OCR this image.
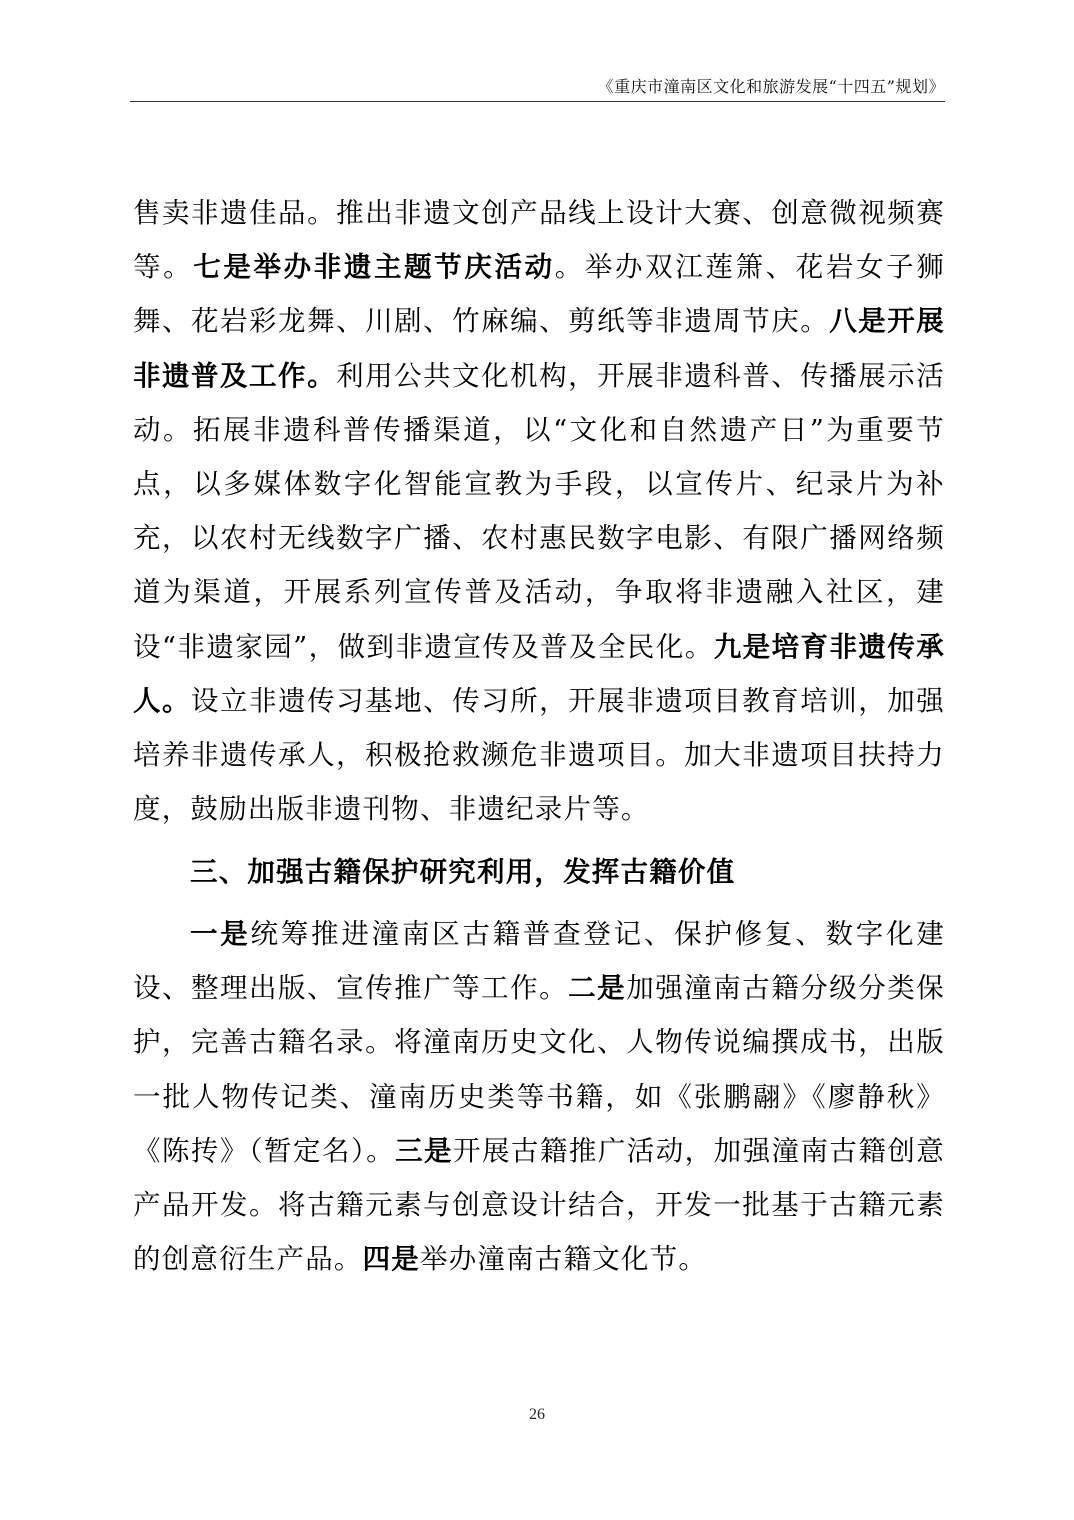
《重庆市潼南区文化和旅游发展“十四五”规划》

售卖非遗佳品。推出非遗文创产品线上设计大赛、创意微视频赛等。七是举办非遗主题节庆活动。举办双江莲箫、花岩女子狮舞、花岩彩龙舞、川剧、竹麻编、剪纸等非遗周节庆。八是开展非遗普及工作。利用公共文化机构，开展非遗科普、传播展示活动。拓展非遗科普传播渠道，以“文化和自然遗产日”为重要节点，以多媒体数字化智能宣教为手段，以宣传片、纪录片为补充，以农村无线数字广播、农村惠民数字电影、有限广播网络频道为渠道，开展系列宣传普及活动，争取将非遗融入社区，建设“非遗家园”，做到非遗宣传及普及全民化。九是培育非遗传承人。设立非遗传习基地、传习所，开展非遗项目教育培训，加强培养非遗传承人，积极抢救濒危非遗项目。加大非遗项目扶持力度，鼓励出版非遗刊物、非遗纪录片等。

三、加强古籍保护研究利用，发挥古籍价值

一是统筹推进潼南区古籍普查登记、保护修复、数字化建设、整理出版、宣传推广等工作。二是加强潼南古籍分级分类保护，完善古籍名录。将潼南历史文化、人物传说编撰成书，出版一批人物传记类、潼南历史类等书籍，如《张鹏翮》《廖静秋》《陈抟》（暂定名）。三是开展古籍推广活动，加强潼南古籍创意产品开发。将古籍元素与创意设计结合，开发一批基于古籍元素的创意衍生产品。四是举办潼南古籍文化节。

26
